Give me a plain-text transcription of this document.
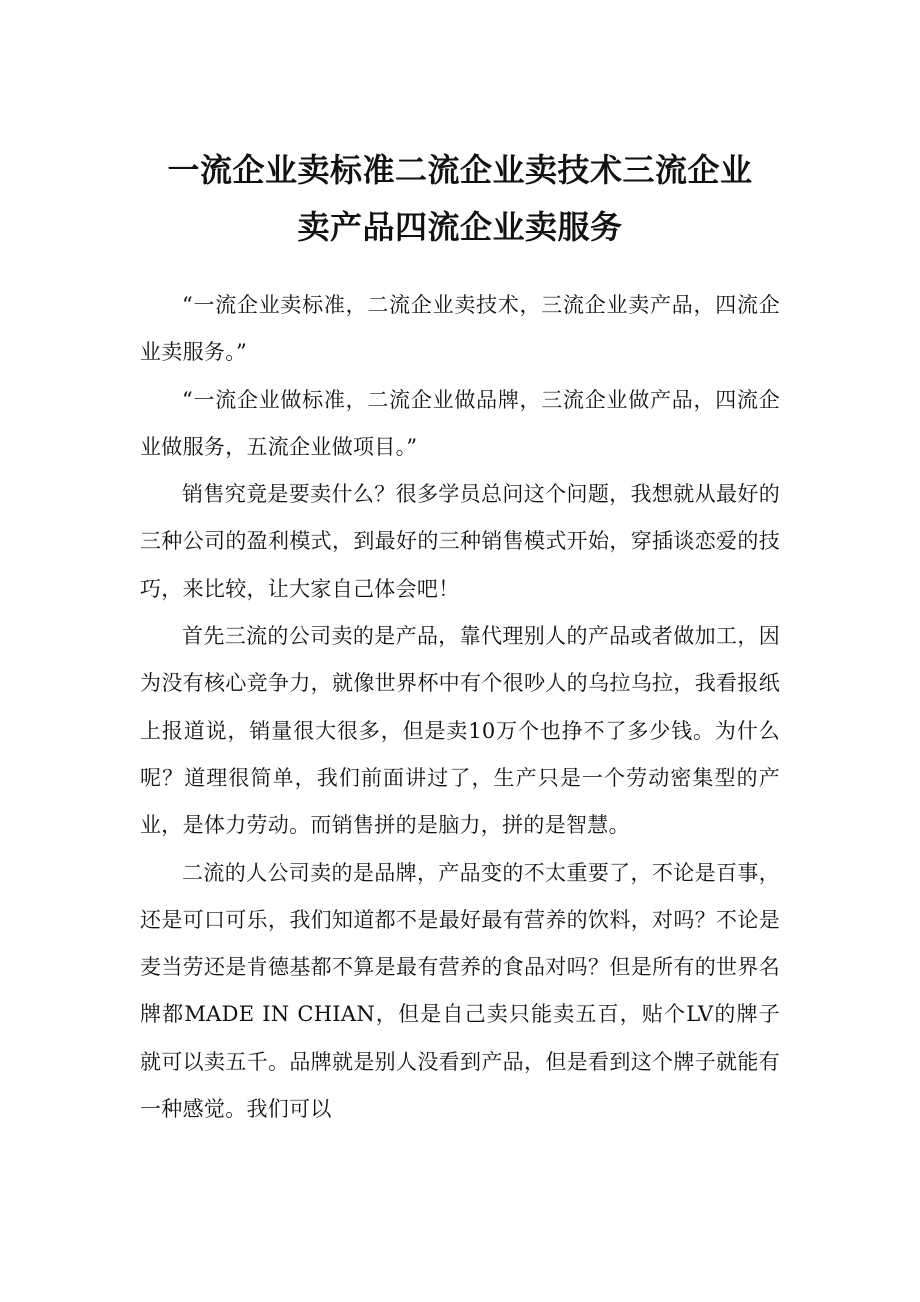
一流企业卖标准二流企业卖技术三流企业
卖产品四流企业卖服务

“一流企业卖标准，二流企业卖技术，三流企业卖产品，四流企业卖服务。”

“一流企业做标准，二流企业做品牌，三流企业做产品，四流企业做服务，五流企业做项目。”

销售究竟是要卖什么？很多学员总问这个问题，我想就从最好的三种公司的盈利模式，到最好的三种销售模式开始，穿插谈恋爱的技巧，来比较，让大家自己体会吧！

首先三流的公司卖的是产品，靠代理别人的产品或者做加工，因为没有核心竞争力，就像世界杯中有个很吵人的乌拉乌拉，我看报纸上报道说，销量很大很多，但是卖10万个也挣不了多少钱。为什么呢？道理很简单，我们前面讲过了，生产只是一个劳动密集型的产业，是体力劳动。而销售拼的是脑力，拼的是智慧。

二流的人公司卖的是品牌，产品变的不太重要了，不论是百事，还是可口可乐，我们知道都不是最好最有营养的饮料，对吗？不论是麦当劳还是肯德基都不算是最有营养的食品对吗？但是所有的世界名牌都MADE IN CHIAN，但是自己卖只能卖五百，贴个LV的牌子就可以卖五千。品牌就是别人没看到产品，但是看到这个牌子就能有一种感觉。我们可以
